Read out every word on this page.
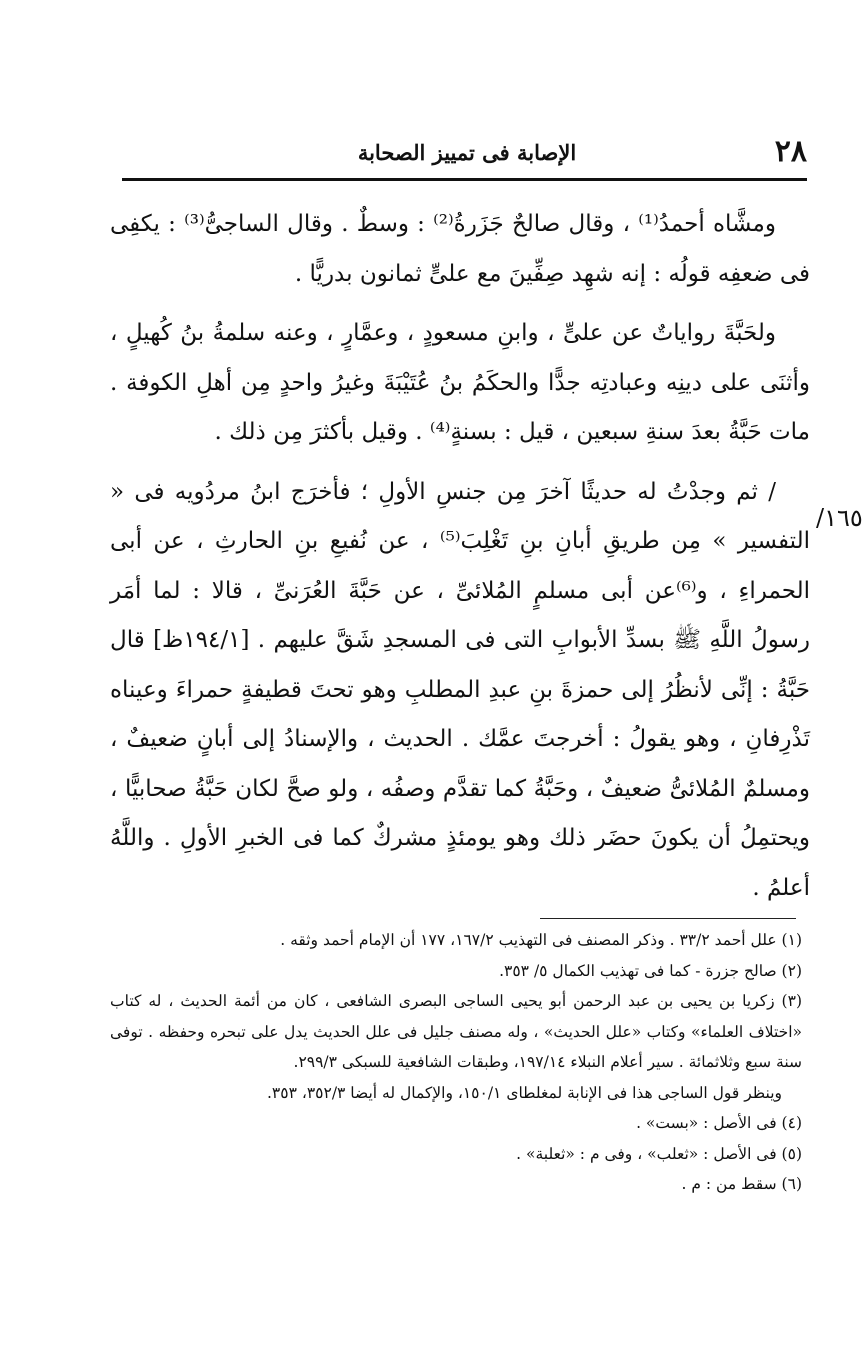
٢٨
الإصابة فى تمييز الصحابة
١٦٥/

ومشَّاه أحمدُ⁽¹⁾ ، وقال صالحٌ جَزَرةُ⁽²⁾ : وسطٌ . وقال الساجىُّ⁽³⁾ : يكفِى فى ضعفِه قولُه : إنه شهِد صِفِّينَ مع علىٍّ ثمانون بدريًّا .

ولحَبَّةَ رواياتٌ عن علىٍّ ، وابنِ مسعودٍ ، وعمَّارٍ ، وعنه سلمةُ بنُ كُهيلٍ ، وأثنَى على دينِه وعبادتِه جدًّا والحكَمُ بنُ عُتَيْبَةَ وغيرُ واحدٍ مِن أهلِ الكوفة . مات حَبَّةُ بعدَ سنةِ سبعين ، قيل : بسنةٍ⁽⁴⁾ . وقيل بأكثرَ مِن ذلك .

/ ثم وجدْتُ له حديثًا آخرَ مِن جنسِ الأولِ ؛ فأخرَج ابنُ مردُويه فى « التفسير » مِن طريقِ أبانِ بنِ تَغْلِبَ⁽⁵⁾ ، عن نُفيعِ بنِ الحارثِ ، عن أبى الحمراءِ ، و⁽⁶⁾عن أبى مسلمٍ المُلائىِّ ، عن حَبَّةَ العُرَنىِّ ، قالا : لما أمَر رسولُ اللَّهِ ﷺ بسدِّ الأبوابِ التى فى المسجدِ شَقَّ عليهم . [١٩٤/١ظ] قال حَبَّةُ : إنِّى لأنظُرُ إلى حمزةَ بنِ عبدِ المطلبِ وهو تحتَ قطيفةٍ حمراءَ وعيناه تَذْرِفانِ ، وهو يقولُ : أخرجتَ عمَّك . الحديث ، والإسنادُ إلى أبانٍ ضعيفٌ ، ومسلمٌ المُلائىُّ ضعيفٌ ، وحَبَّةُ كما تقدَّم وصفُه ، ولو صحَّ لكان حَبَّةُ صحابيًّا ، ويحتمِلُ أن يكونَ حضَر ذلك وهو يومئذٍ مشركٌ كما فى الخبرِ الأولِ . واللَّهُ أعلمُ .

(١) علل أحمد ٣٣/٢ . وذكر المصنف فى التهذيب ١٦٧/٢، ١٧٧ أن الإمام أحمد وثقه .

(٢) صالح جزرة - كما فى تهذيب الكمال ٥/ ٣٥٣.

(٣) زكريا بن يحيى بن عبد الرحمن أبو يحيى الساجى البصرى الشافعى ، كان من أئمة الحديث ، له كتاب «اختلاف العلماء» وكتاب «علل الحديث» ، وله مصنف جليل فى علل الحديث يدل على تبحره وحفظه . توفى سنة سبع وثلاثمائة . سير أعلام النبلاء ١٩٧/١٤، وطبقات الشافعية للسبكى ٢٩٩/٣.

وينظر قول الساجى هذا فى الإنابة لمغلطاى ١٥٠/١، والإكمال له أيضا ٣٥٢/٣، ٣٥٣.

(٤) فى الأصل : «بست» .

(٥) فى الأصل : «ثعلب» ، وفى م : «ثعلبة» .

(٦) سقط من : م .
